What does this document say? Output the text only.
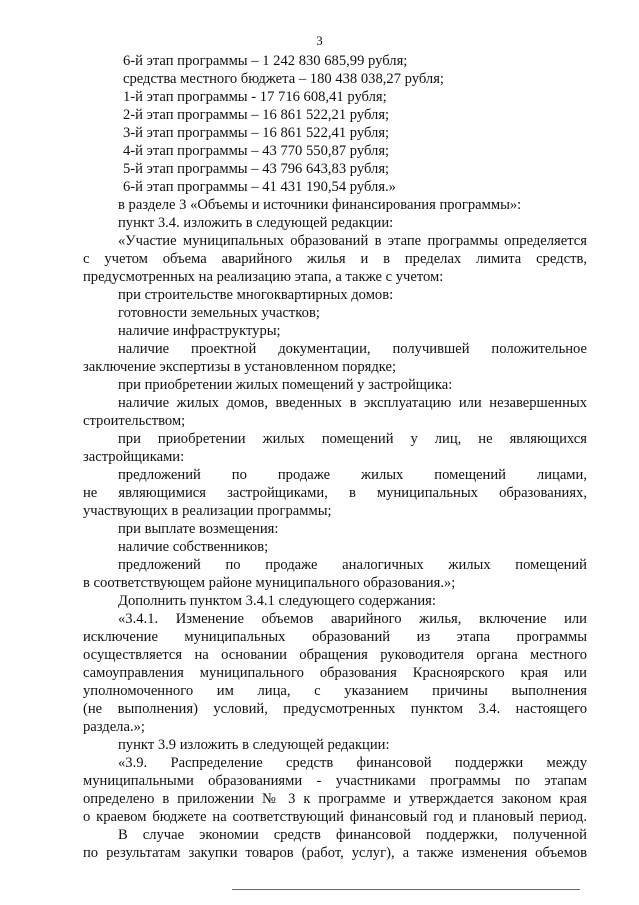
3
6-й этап программы – 1 242 830 685,99 рубля;
средства местного бюджета – 180 438 038,27 рубля;
1-й этап программы - 17 716 608,41 рубля;
2-й этап программы – 16 861 522,21 рубля;
3-й этап программы – 16 861 522,41 рубля;
4-й этап программы – 43 770 550,87 рубля;
5-й этап программы – 43 796 643,83 рубля;
6-й этап программы – 41 431 190,54 рубля.»
в разделе 3 «Объемы и источники финансирования программы»:
пункт 3.4. изложить в следующей редакции:
«Участие муниципальных образований в этапе программы определяется
с учетом объема аварийного жилья и в пределах лимита средств,
предусмотренных на реализацию этапа, а также с учетом:
при строительстве многоквартирных домов:
готовности земельных участков;
наличие инфраструктуры;
наличие проектной документации, получившей положительное
заключение экспертизы в установленном порядке;
при приобретении жилых помещений у застройщика:
наличие жилых домов, введенных в эксплуатацию или незавершенных
строительством;
при приобретении жилых помещений у лиц, не являющихся
застройщиками:
предложений по продаже жилых помещений лицами,
не являющимися застройщиками, в муниципальных образованиях,
участвующих в реализации программы;
при выплате возмещения:
наличие собственников;
предложений по продаже аналогичных жилых помещений
в соответствующем районе муниципального образования.»;
Дополнить пунктом 3.4.1 следующего содержания:
«3.4.1. Изменение объемов аварийного жилья, включение или
исключение муниципальных образований из этапа программы
осуществляется на основании обращения руководителя органа местного
самоуправления муниципального образования Красноярского края или
уполномоченного им лица, с указанием причины выполнения
(не выполнения) условий, предусмотренных пунктом 3.4. настоящего
раздела.»;
пункт 3.9 изложить в следующей редакции:
«3.9. Распределение средств финансовой поддержки между
муниципальными образованиями - участниками программы по этапам
определено в приложении № 3 к программе и утверждается законом края
о краевом бюджете на соответствующий финансовый год и плановый период.
В случае экономии средств финансовой поддержки, полученной
по результатам закупки товаров (работ, услуг), а также изменения объемов
